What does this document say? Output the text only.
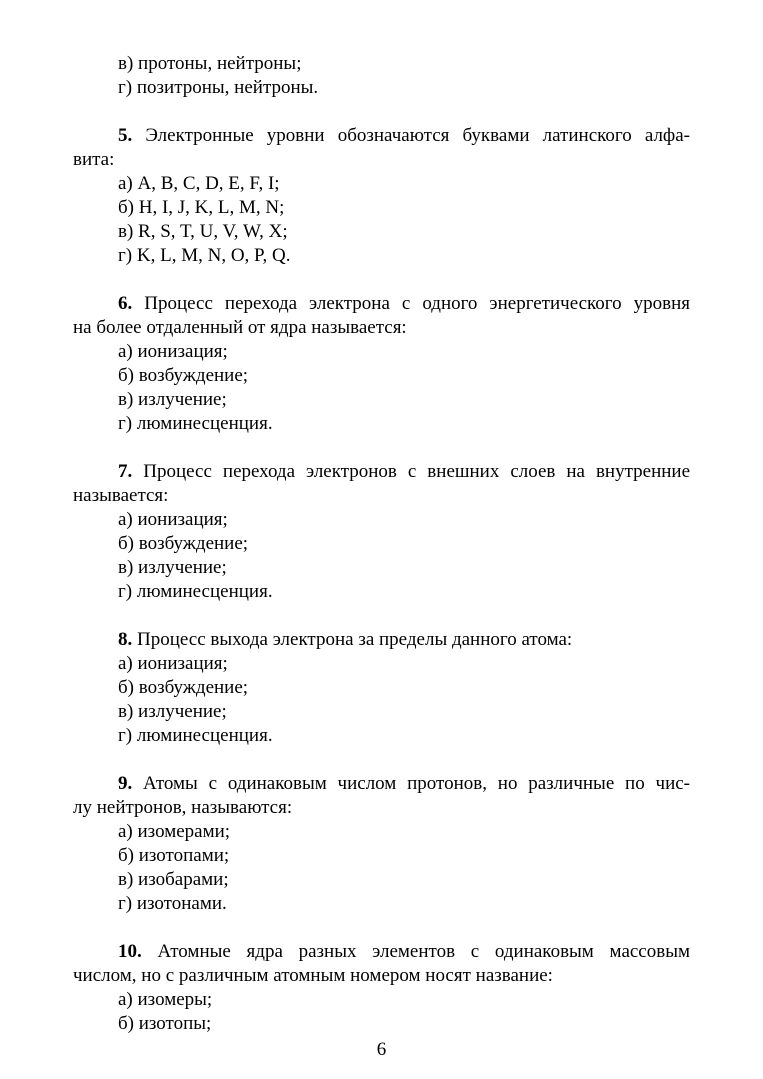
в) протоны, нейтроны;
г) позитроны, нейтроны.
5. Электронные уровни обозначаются буквами латинского алфа-
вита:
а) A, B, C, D, E, F, I;
б) H, I, J, K, L, M, N;
в) R, S, T, U, V, W, X;
г) K, L, M, N, O, P, Q.
6. Процесс перехода электрона с одного энергетического уровня
на более отдаленный от ядра называется:
а) ионизация;
б) возбуждение;
в) излучение;
г) люминесценция.
7. Процесс перехода электронов с внешних слоев на внутренние
называется:
а) ионизация;
б) возбуждение;
в) излучение;
г) люминесценция.
8. Процесс выхода электрона за пределы данного атома:
а) ионизация;
б) возбуждение;
в) излучение;
г) люминесценция.
9. Атомы с одинаковым числом протонов, но различные по чис-
лу нейтронов, называются:
а) изомерами;
б) изотопами;
в) изобарами;
г) изотонами.
10. Атомные ядра разных элементов с одинаковым массовым
числом, но с различным атомным номером носят название:
а) изомеры;
б) изотопы;
6
